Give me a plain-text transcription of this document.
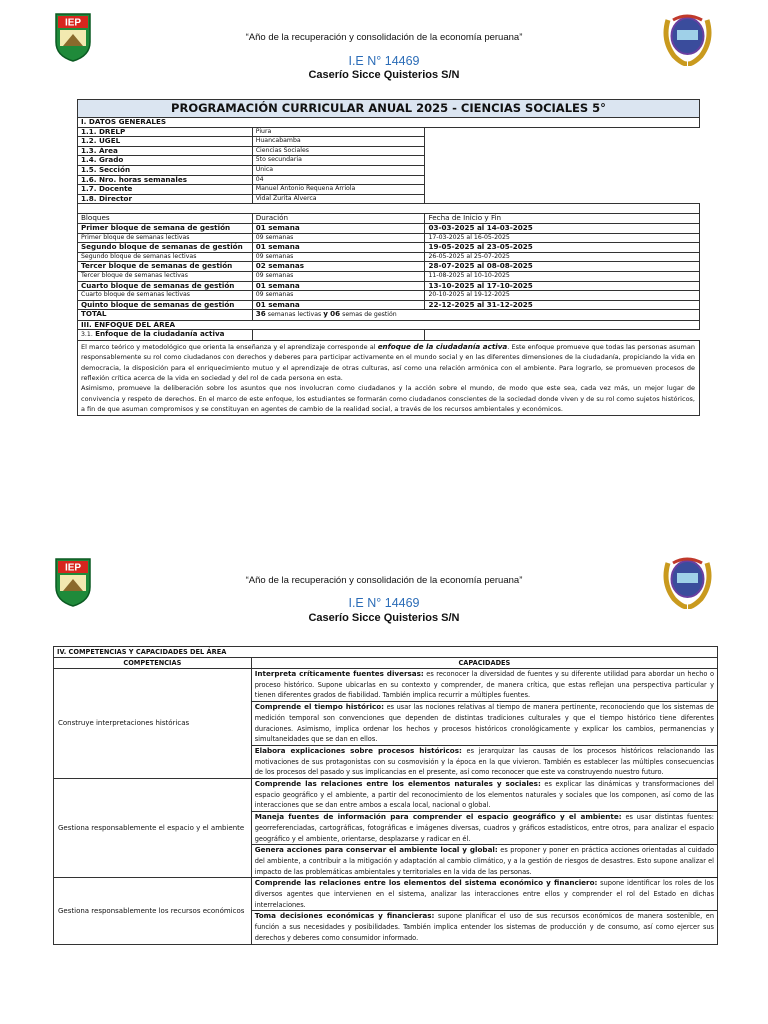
IEP
“Año de la recuperación y consolidación de la economía peruana”
I.E N° 14469
Caserío Sicce Quisterios S/N
PROGRAMACIÓN CURRICULAR ANUAL 2025 - CIENCIAS SOCIALES 5°		
I. DATOS GENERALES		
1.1. DRELP	Piura	
1.2. UGEL	Huancabamba	
1.3. Área	Ciencias Sociales	
1.4. Grado	5to secundaria	
1.5. Sección	Única	
1.6. Nro. horas semanales	04	
1.7. Docente	Manuel Antonio Requena Arriola	
1.8. Director	Vidal Zurita Alverca	

Bloques	Duración	Fecha de Inicio y Fin
Primer bloque de semana de gestión	01 semana	03-03-2025 al 14-03-2025
Primer bloque de semanas lectivas	09 semanas	17-03-2025 al 16-05-2025
Segundo bloque de semanas de gestión	01 semana	19-05-2025 al 23-05-2025
Segundo bloque de semanas lectivas	09 semanas	26-05-2025 al 25-07-2025
Tercer bloque de semanas de gestión	02 semanas	28-07-2025 al 08-08-2025
Tercer bloque de semanas lectivas	09 semanas	11-08-2025 al 10-10-2025
Cuarto bloque de semanas de gestión	01 semana	13-10-2025 al 17-10-2025
Cuarto bloque de semanas lectivas	09 semanas	20-10-2025 al 19-12-2025
Quinto bloque de semanas de gestión	01 semana	22-12-2025 al 31-12-2025
TOTAL	36 semanas lectivas y 06 semas de gestión	
III. ENFOQUE DEL ÁREA		
3.1. Enfoque de la ciudadanía activa		
El marco teórico y metodológico que orienta la enseñanza y el aprendizaje corresponde al enfoque de la ciudadanía activa. Este enfoque promueve que todas las personas asuman responsablemente su rol como ciudadanos con derechos y deberes para participar activamente en el mundo social y en las diferentes dimensiones de la ciudadanía, propiciando la vida en democracia, la disposición para el enriquecimiento mutuo y el aprendizaje de otras culturas, así como una relación armónica con el ambiente. Para lograrlo, se promueven procesos de reflexión crítica acerca de la vida en sociedad y del rol de cada persona en esta.
Asimismo, promueve la deliberación sobre los asuntos que nos involucran como ciudadanos y la acción sobre el mundo, de modo que este sea, cada vez más, un mejor lugar de convivencia y respeto de derechos. En el marco de este enfoque, los estudiantes se formarán como ciudadanos conscientes de la sociedad donde viven y de su rol como sujetos históricos, a fin de que asuman compromisos y se constituyan en agentes de cambio de la realidad social, a través de los recursos ambientales y económicos.		
IEP
“Año de la recuperación y consolidación de la economía peruana”
I.E N° 14469
Caserío Sicce Quisterios S/N
IV. COMPETENCIAS Y CAPACIDADES DEL ÁREA	
COMPETENCIAS	CAPACIDADES
Construye interpretaciones históricas	Interpreta críticamente fuentes diversas: es reconocer la diversidad de fuentes y su diferente utilidad para abordar un hecho o proceso histórico. Supone ubicarlas en su contexto y comprender, de manera crítica, que estas reflejan una perspectiva particular y tienen diferentes grados de fiabilidad. También implica recurrir a múltiples fuentes.
	Comprende el tiempo histórico: es usar las nociones relativas al tiempo de manera pertinente, reconociendo que los sistemas de medición temporal son convenciones que dependen de distintas tradiciones culturales y que el tiempo histórico tiene diferentes duraciones. Asimismo, implica ordenar los hechos y procesos históricos cronológicamente y explicar los cambios, permanencias y simultaneidades que se dan en ellos.
	Elabora explicaciones sobre procesos históricos: es jerarquizar las causas de los procesos históricos relacionando las motivaciones de sus protagonistas con su cosmovisión y la época en la que vivieron. También es establecer las múltiples consecuencias de los procesos del pasado y sus implicancias en el presente, así como reconocer que este va construyendo nuestro futuro.
Gestiona responsablemente el espacio y el ambiente	Comprende las relaciones entre los elementos naturales y sociales: es explicar las dinámicas y transformaciones del espacio geográfico y el ambiente, a partir del reconocimiento de los elementos naturales y sociales que los componen, así como de las interacciones que se dan entre ambos a escala local, nacional o global.
	Maneja fuentes de información para comprender el espacio geográfico y el ambiente: es usar distintas fuentes: georreferenciadas, cartográficas, fotográficas e imágenes diversas, cuadros y gráficos estadísticos, entre otros, para analizar el espacio geográfico y el ambiente, orientarse, desplazarse y radicar en él.
	Genera acciones para conservar el ambiente local y global: es proponer y poner en práctica acciones orientadas al cuidado del ambiente, a contribuir a la mitigación y adaptación al cambio climático, y a la gestión de riesgos de desastres. Esto supone analizar el impacto de las problemáticas ambientales y territoriales en la vida de las personas.
Gestiona responsablemente los recursos económicos	Comprende las relaciones entre los elementos del sistema económico y financiero: supone identificar los roles de los diversos agentes que intervienen en el sistema, analizar las interacciones entre ellos y comprender el rol del Estado en dichas interrelaciones.
	Toma decisiones económicas y financieras: supone planificar el uso de sus recursos económicos de manera sostenible, en función a sus necesidades y posibilidades. También implica entender los sistemas de producción y de consumo, así como ejercer sus derechos y deberes como consumidor informado.
